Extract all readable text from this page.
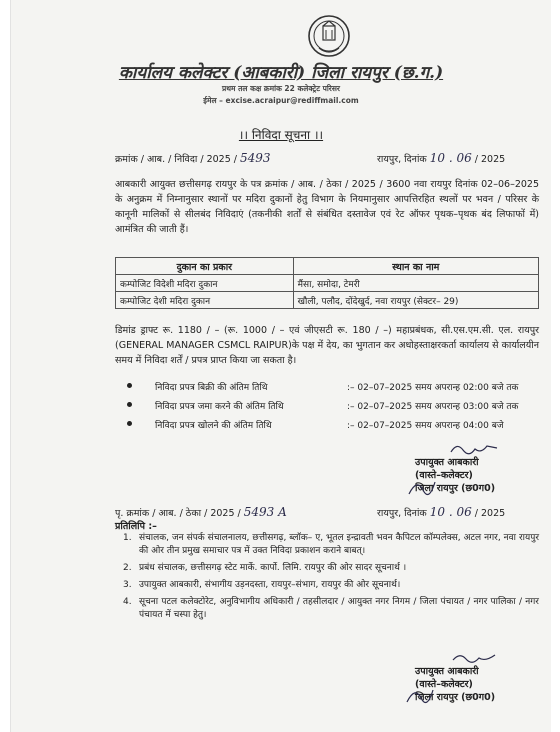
कार्यालय कलेक्टर (आबकारी) जिला रायपुर (छ.ग.)
प्रथम तल कक्ष क्रमांक 22 कलेक्ट्रेट परिसर
ईमेल – excise.acraipur@rediffmail.com
।। निविदा सूचना ।।
क्रमांक / आब. / निविदा / 2025 / 5493	रायपुर, दिनांक 10 . 06 / 2025
आबकारी आयुक्त छत्तीसगढ़ रायपुर के पत्र क्रमांक / आब. / ठेका / 2025 / 3600 नवा रायपुर दिनांक 02–06–2025 के अनुक्रम में निम्नानुसार स्थानों पर मदिरा दुकानों हेतु विभाग के नियमानुसार आपत्तिरहित स्थलों पर भवन / परिसर के कानूनी मालिकों से सीलबंद निविदाएं (तकनीकी शर्तों से संबंधित दस्तावेज एवं रेट ऑफर पृथक–पृथक बंद लिफाफों में) आमंत्रित की जाती हैं।
दुकान का प्रकार	स्थान का नाम
कम्पोजिट विदेशी मदिरा दुकान	मैंसा, समोदा, टेमरी
कम्पोजिट देशी मदिरा दुकान	खौली, पलौद, दोंदेखुर्द, नवा रायपुर (सेक्टर– 29)
डिमांड ड्राफ्ट रू. 1180 / – (रू. 1000 / – एवं जीएसटी रू. 180 / –) महाप्रबंधक, सी.एस.एम.सी. एल. रायपुर (GENERAL MANAGER CSMCL RAIPUR)के पक्ष में देय, का भुगतान कर अधोहस्ताक्षरकर्ता कार्यालय से कार्यालयीन समय में निविदा शर्तें / प्रपत्र प्राप्त किया जा सकता है।
निविदा प्रपत्र बिक्री की अंतिम तिथि	:– 02–07–2025 समय अपरान्ह 02:00 बजे तक
निविदा प्रपत्र जमा करने की अंतिम तिथि	:– 02–07–2025 समय अपरान्ह 03:00 बजे तक
निविदा प्रपत्र खोलने की अंतिम तिथि	:– 02–07–2025 समय अपरान्ह 04:00 बजे
उपायुक्त आबकारी
(वास्ते–कलेक्टर)
जिला रायपुर (छ0ग0)
पृ. क्रमांक / आब. / ठेका / 2025 / 5493 A	रायपुर, दिनांक 10 . 06 / 2025
प्रतिलिपि :–
1. संचालक, जन संपर्क संचालनालय, छत्तीसगढ़, ब्लॉक– ए, भूतल इन्द्रावती भवन कैपिटल कॉम्पलेक्स, अटल नगर, नवा रायपुर की ओर तीन प्रमुख समाचार पत्र में उक्त निविदा प्रकाशन कराने बाबत्।
2. प्रबंध संचालक, छत्तीसगढ़ स्टेट मार्के. कार्पो. लिमि. रायपुर की ओर सादर सूचनार्थ ।
3. उपायुक्त आबकारी, संभागीय उड़नदस्ता, रायपुर–संभाग, रायपुर की ओर सूचनार्थ।
4. सूचना पटल कलेक्टोरेट, अनुविभागीय अधिकारी / तहसीलदार / आयुक्त नगर निगम / जिला पंचायत / नगर पालिका / नगर पंचायत में चस्पा हेतु।
उपायुक्त आबकारी
(वास्ते–कलेक्टर)
जिला रायपुर (छ0ग0)
